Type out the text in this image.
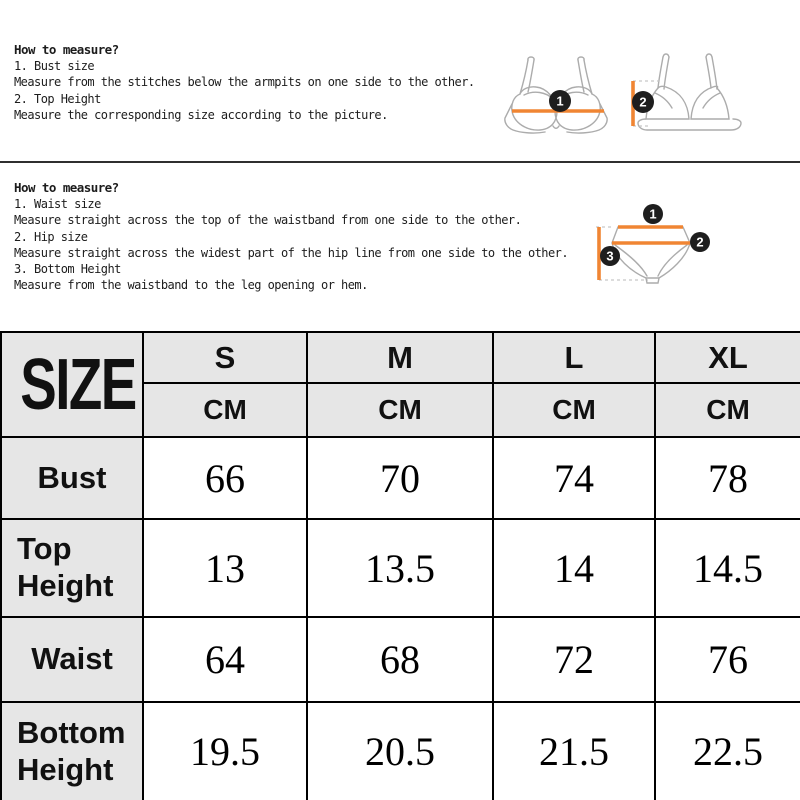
How to measure?
1. Bust size
Measure from the stitches below the armpits on one side to the other.
2. Top Height
Measure the corresponding size according to the picture.
1	2
How to measure?
1. Waist size
Measure straight across the top of the waistband from one side to the other.
2. Hip size
Measure straight across the widest part of the hip line from one side to the other.
3. Bottom Height
Measure from the waistband to the leg opening or hem.
1
2
3
SIZE	S	M	L	XL
	CM	CM	CM	CM
Bust	66	70	74	78
Top Height	13	13.5	14	14.5
Waist	64	68	72	76
Bottom Height	19.5	20.5	21.5	22.5
